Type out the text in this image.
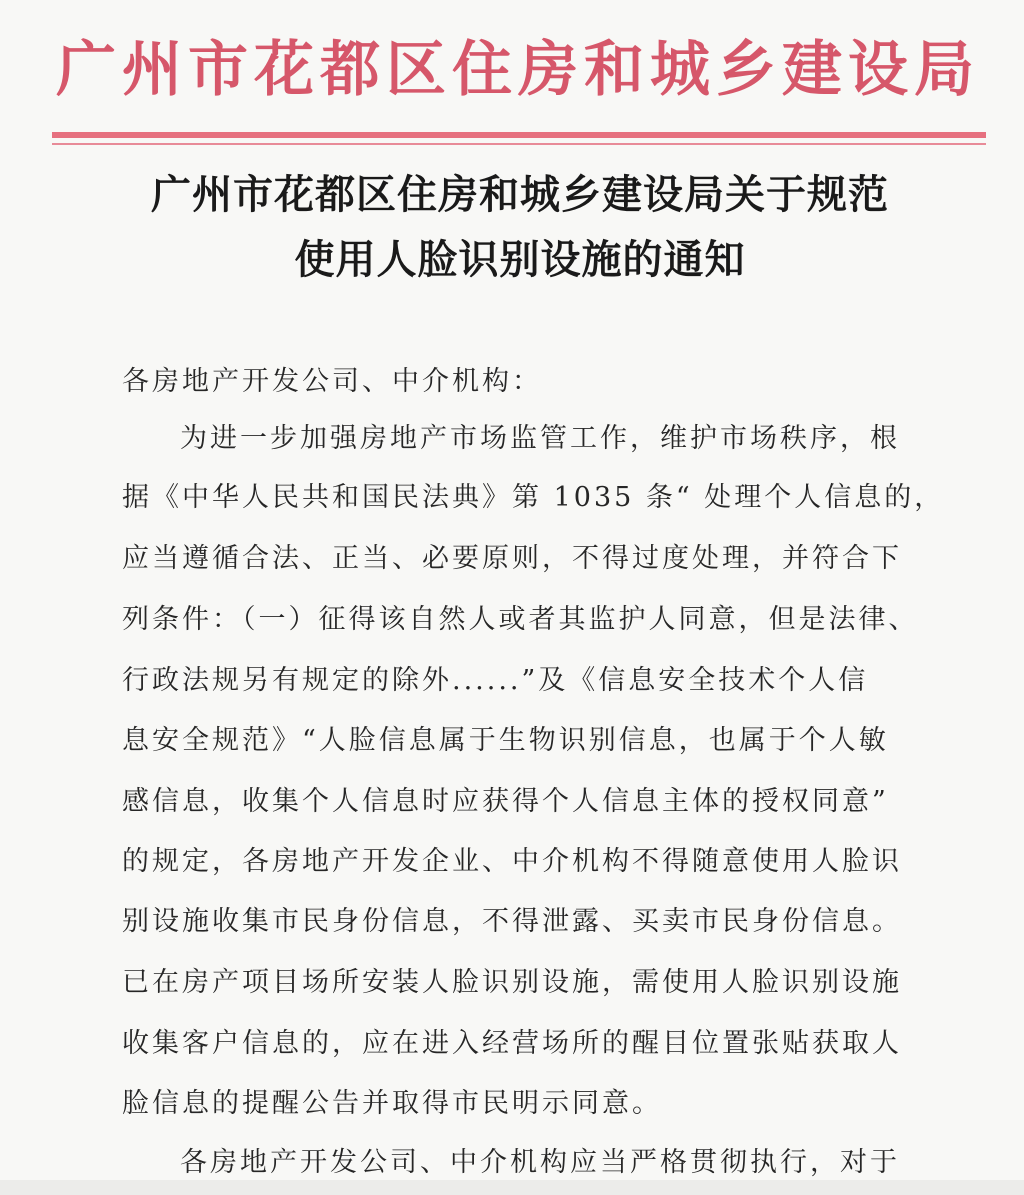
广州市花都区住房和城乡建设局
广州市花都区住房和城乡建设局关于规范
使用人脸识别设施的通知
各房地产开发公司、中介机构：
为进一步加强房地产市场监管工作，维护市场秩序，根
据《中华人民共和国民法典》第 1035 条“ 处理个人信息的，
应当遵循合法、正当、必要原则，不得过度处理，并符合下
列条件：（一）征得该自然人或者其监护人同意，但是法律、
行政法规另有规定的除外......”及《信息安全技术个人信
息安全规范》“人脸信息属于生物识别信息，也属于个人敏
感信息，收集个人信息时应获得个人信息主体的授权同意”
的规定，各房地产开发企业、中介机构不得随意使用人脸识
别设施收集市民身份信息，不得泄露、买卖市民身份信息。
已在房产项目场所安装人脸识别设施，需使用人脸识别设施
收集客户信息的，应在进入经营场所的醒目位置张贴获取人
脸信息的提醒公告并取得市民明示同意。
各房地产开发公司、中介机构应当严格贯彻执行，对于
